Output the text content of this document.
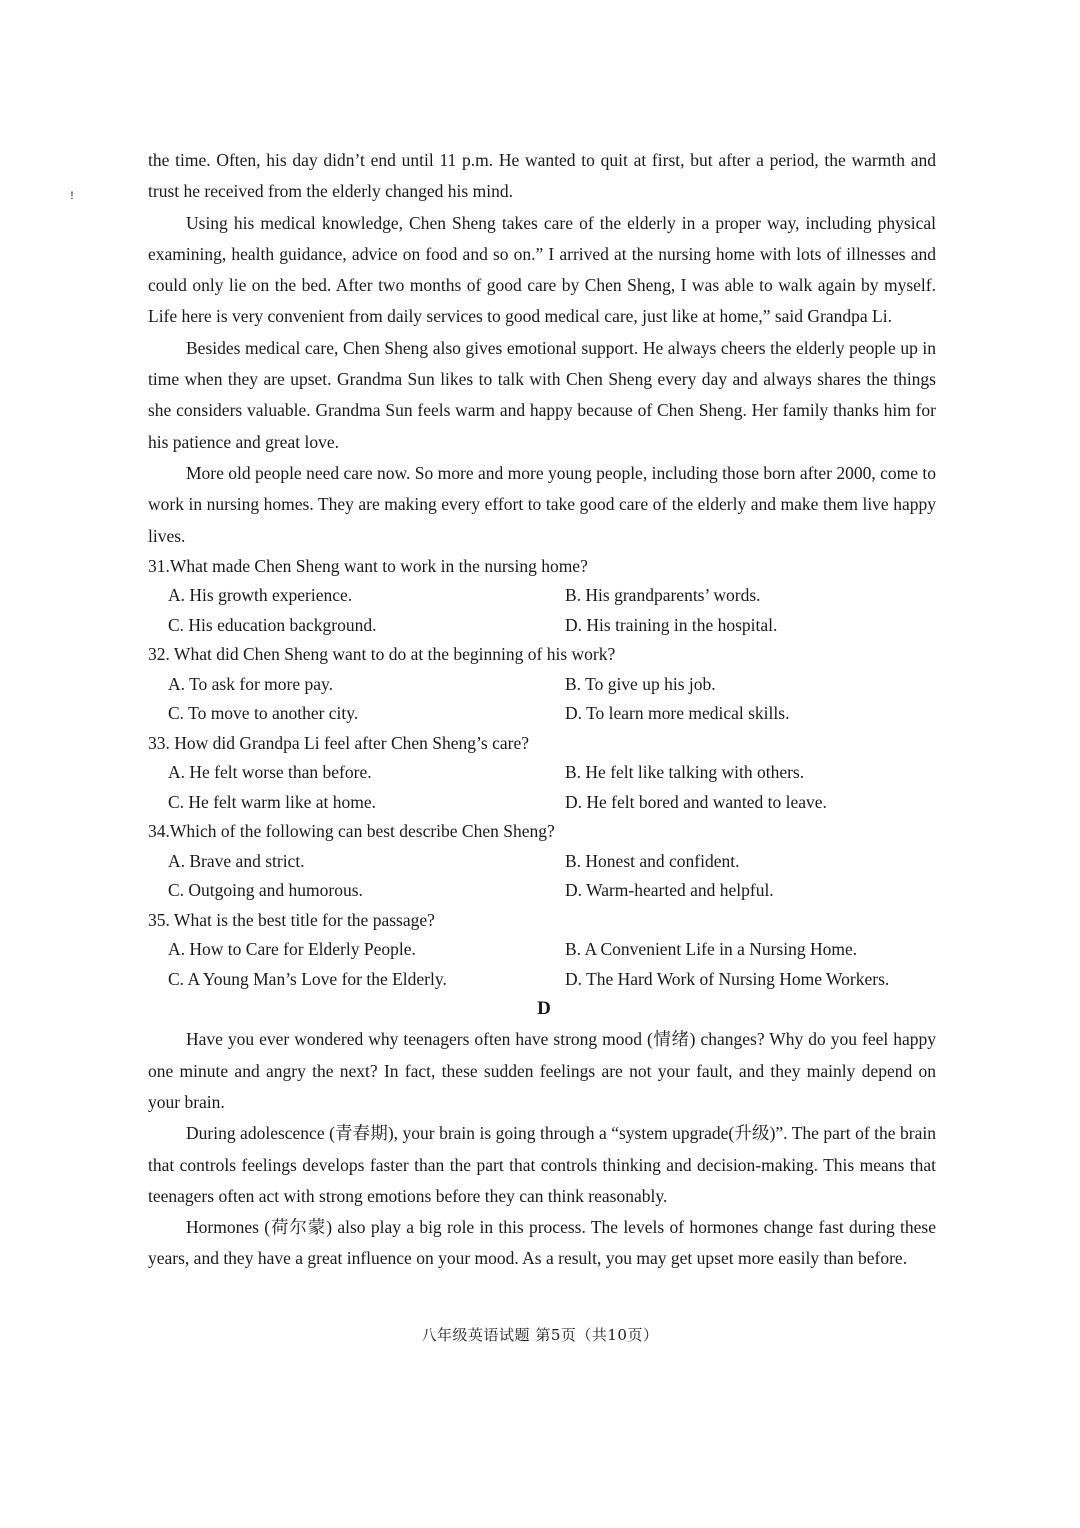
!

the time. Often, his day didn’t end until 11 p.m. He wanted to quit at first, but after a period, the warmth and trust he received from the elderly changed his mind.

Using his medical knowledge, Chen Sheng takes care of the elderly in a proper way, including physical examining, health guidance, advice on food and so on.” I arrived at the nursing home with lots of illnesses and could only lie on the bed. After two months of good care by Chen Sheng, I was able to walk again by myself. Life here is very convenient from daily services to good medical care, just like at home,” said Grandpa Li.

Besides medical care, Chen Sheng also gives emotional support. He always cheers the elderly people up in time when they are upset. Grandma Sun likes to talk with Chen Sheng every day and always shares the things she considers valuable. Grandma Sun feels warm and happy because of Chen Sheng. Her family thanks him for his patience and great love.

More old people need care now. So more and more young people, including those born after 2000, come to work in nursing homes. They are making every effort to take good care of the elderly and make them live happy lives.

31.What made Chen Sheng want to work in the nursing home?

A. His growth experience.	B. His grandparents’ words.
C. His education background.	D. His training in the hospital.

32. What did Chen Sheng want to do at the beginning of his work?

A. To ask for more pay.	B. To give up his job.
C. To move to another city.	D. To learn more medical skills.

33. How did Grandpa Li feel after Chen Sheng’s care?

A. He felt worse than before.	B. He felt like talking with others.
C. He felt warm like at home.	D. He felt bored and wanted to leave.

34.Which of the following can best describe Chen Sheng?

A. Brave and strict.	B. Honest and confident.
C. Outgoing and humorous.	D. Warm-hearted and helpful.

35. What is the best title for the passage?

A. How to Care for Elderly People.	B. A Convenient Life in a Nursing Home.
C. A Young Man’s Love for the Elderly.	D. The Hard Work of Nursing Home Workers.

D

Have you ever wondered why teenagers often have strong mood (情绪) changes? Why do you feel happy one minute and angry the next? In fact, these sudden feelings are not your fault, and they mainly depend on your brain.

During adolescence (青春期), your brain is going through a “system upgrade(升级)”. The part of the brain that controls feelings develops faster than the part that controls thinking and decision-making. This means that teenagers often act with strong emotions before they can think reasonably.

Hormones (荷尔蒙) also play a big role in this process. The levels of hormones change fast during these years, and they have a great influence on your mood. As a result, you may get upset more easily than before.

八年级英语试题 第5页（共10页）
